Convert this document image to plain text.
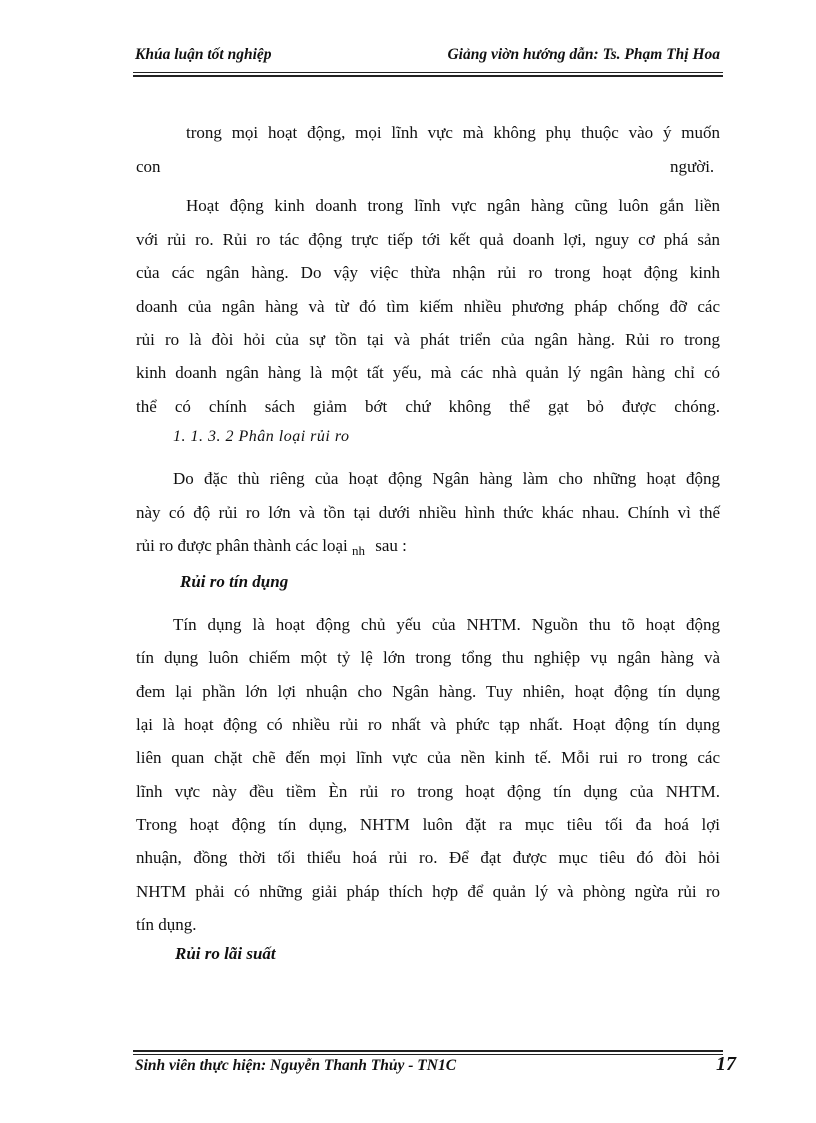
Khúa luận tốt nghiệp	Giảng viờn hướng dẫn: Ts. Phạm Thị Hoa
trong mọi hoạt động, mọi lĩnh vực mà không phụ thuộc vào ý muốn
con	người.
Hoạt động kinh doanh trong lĩnh vực ngân hàng cũng luôn gắn liền
với rủi ro. Rủi ro tác động trực tiếp tới kết quả doanh lợi, nguy cơ phá sản
của các ngân hàng. Do vậy việc thừa nhận rủi ro trong hoạt động kinh
doanh của ngân hàng và từ đó tìm kiếm nhiều phương pháp chống đỡ các
rủi ro là đòi hỏi của sự tồn tại và phát triển của ngân hàng. Rủi ro trong
kinh doanh ngân hàng là một tất yếu, mà các nhà quản lý ngân hàng chỉ có
thể có chính sách giảm bớt chứ không thể gạt bỏ được chóng.
1. 1. 3. 2 Phân loại rủi ro
Do đặc thù riêng của hoạt động Ngân hàng làm cho những hoạt động
này có độ rủi ro lớn và tồn tại dưới nhiều hình thức khác nhau. Chính vì thế
rủi ro được phân thành các loại $_{nh}$ sau :
Rủi ro tín dụng
Tín dụng là hoạt động chủ yếu của NHTM. Nguồn thu tõ hoạt động
tín dụng luôn chiếm một tỷ lệ lớn trong tổng thu nghiệp vụ ngân hàng và
đem lại phần lớn lợi nhuận cho Ngân hàng. Tuy nhiên, hoạt động tín dụng
lại là hoạt động có nhiều rủi ro nhất và phức tạp nhất. Hoạt động tín dụng
liên quan chặt chẽ đến mọi lĩnh vực của nền kinh tế. Mỗi rui ro trong các
lĩnh vực này đều tiềm Èn rủi ro trong hoạt động tín dụng của NHTM.
Trong hoạt động tín dụng, NHTM luôn đặt ra mục tiêu tối đa hoá lợi
nhuận, đồng thời tối thiểu hoá rủi ro. Để đạt được mục tiêu đó đòi hỏi
NHTM phải có những giải pháp thích hợp để quản lý và phòng ngừa rủi ro
tín dụng.
Rủi ro lãi suất
Sinh viên thực hiện: Nguyễn Thanh Thủy - TN1C	17
